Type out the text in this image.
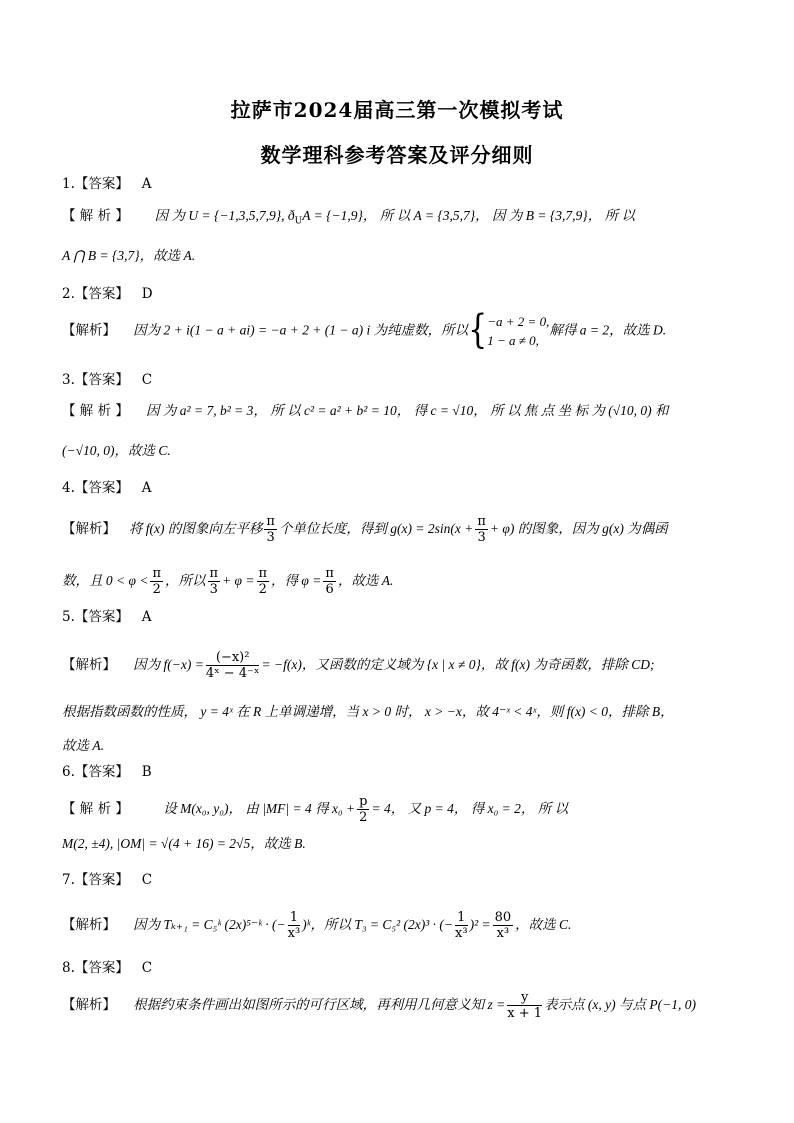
拉萨市2024届高三第一次模拟考试
数学理科参考答案及评分细则
1.【答案】 A
【 解 析 】 因 为 U = {−1,3,5,7,9}, $ð_UA = \{-1,9\}$， 所 以 A = {3,5,7}， 因 为 B = {3,7,9}， 所 以
A ⋂ B = {3,7}，故选 A.
2.【答案】 D
【解析】 因为 2 + i(1 − a + ai) = −a + 2 + (1 − a) i 为纯虚数，所以{ −a + 2 = 0,
1 − a ≠ 0,
解得 a = 2，故选 D.
3.【答案】 C
【 解 析 】 因 为 a² = 7, b² = 3， 所 以 c² = a² + b² = 10， 得 c = √10， 所 以 焦 点 坐 标 为 (√10, 0) 和
(−√10, 0)，故选 C.
4.【答案】 A
【解析】 将 f(x) 的图象向左平移 $\frac{\pi}{3}$ 个单位长度，得到 $g(x) = 2\sin(x + \frac{\pi}{3} + \varphi)$ 的图象，因为 g(x) 为偶函
数，且 $0 < \varphi < \frac{\pi}{2}$ ，所以 $\frac{\pi}{3} + \varphi = \frac{\pi}{2}$ ，得 $\varphi = \frac{\pi}{6}$ ，故选 A.
5.【答案】 A
【解析】 因为 $f(-x) = \frac{\text{(−x)²}}{\text{4ˣ − 4⁻ˣ}} = -f(x)$，又函数的定义域为 {x | x ≠ 0}，故 f(x) 为奇函数，排除 CD;
根据指数函数的性质， y = 4ˣ 在 R 上单调递增，当 x > 0 时， x > −x，故 4⁻ˣ < 4ˣ，则 f(x) < 0，排除 B，
故选 A.
6.【答案】 B
【 解 析 】	设 M(x₀, y₀)， 由 |MF| = 4 得 $x_0 + \frac{p}{2} = 4$， 又 p = 4， 得 x₀ = 2， 所 以
M(2, ±4), |OM| = √(4 + 16) = 2√5，故选 B.
7.【答案】 C
【解析】 因为 Tₖ₊₁ = C₅ᵏ (2x)⁵⁻ᵏ · (− $\frac{1}{\text{x³}}$ )ᵏ，所以 T₃ = C₅² (2x)³ · (− $\frac{1}{\text{x³}} )^2 = \frac{80}{\text{x³}}$ ，故选 C.
8.【答案】 C
【解析】 根据约束条件画出如图所示的可行区域，再利用几何意义知 $z = \frac{y}{x + 1}$ 表示点 (x, y) 与点 P(−1, 0)
